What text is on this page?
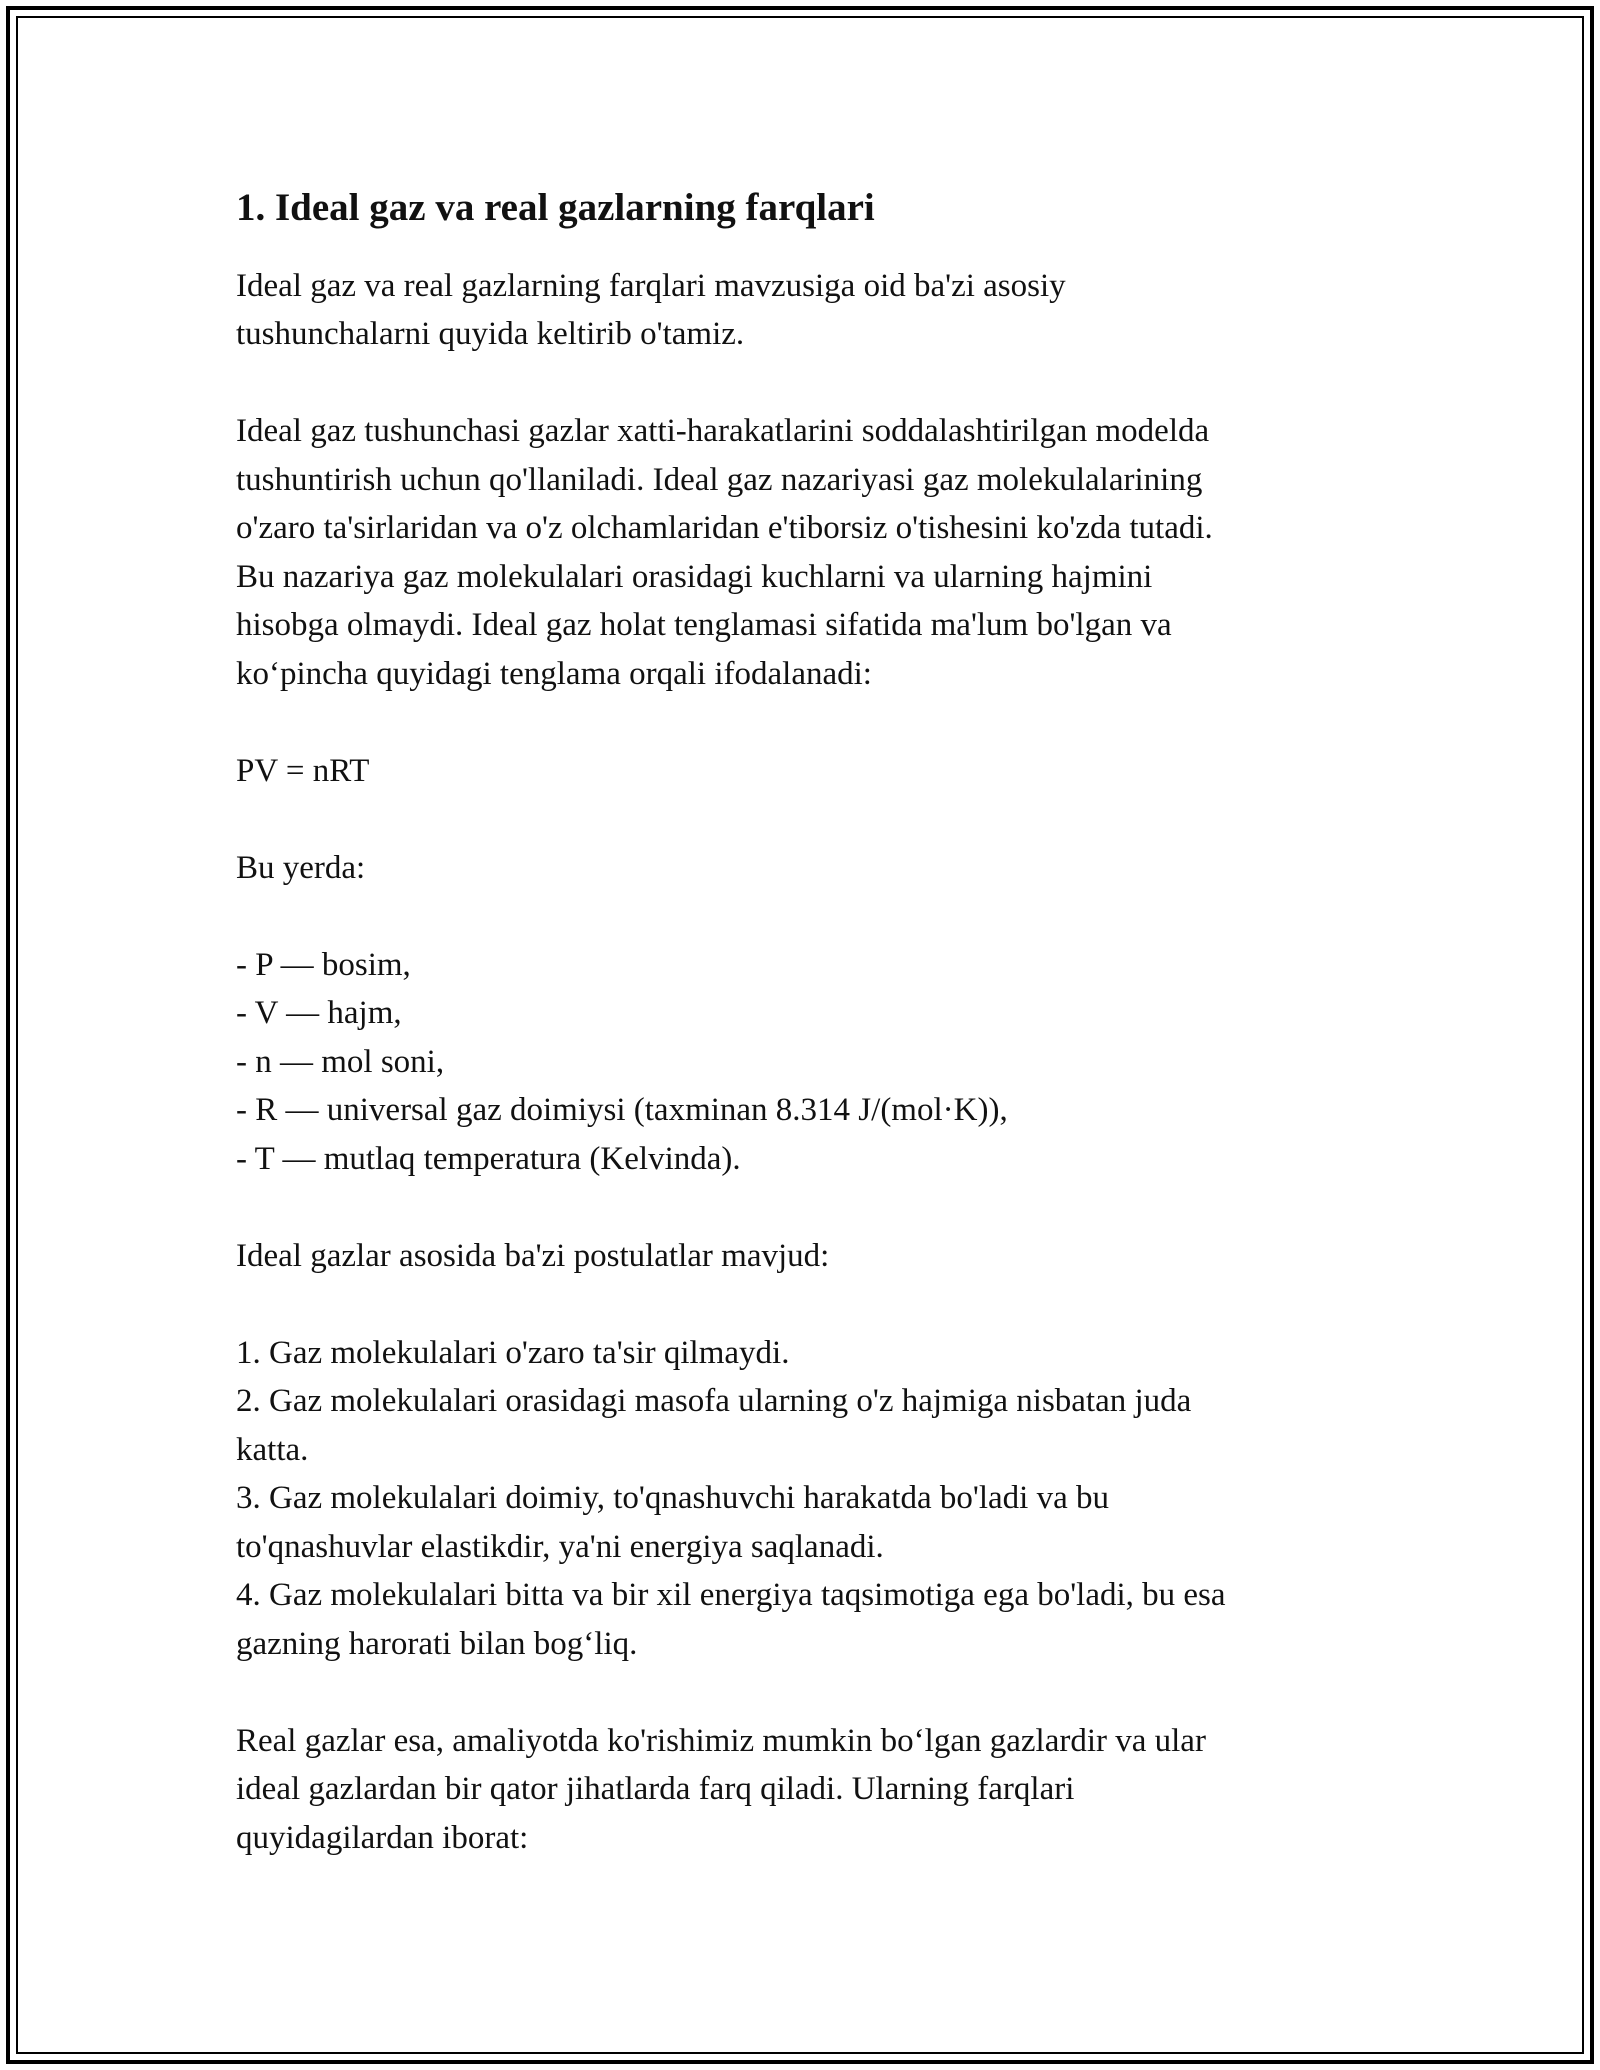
1. Ideal gaz va real gazlarning farqlari

Ideal gaz va real gazlarning farqlari mavzusiga oid ba'zi asosiy
tushunchalarni quyida keltirib o'tamiz.

Ideal gaz tushunchasi gazlar xatti-harakatlarini soddalashtirilgan modelda
tushuntirish uchun qo'llaniladi. Ideal gaz nazariyasi gaz molekulalarining
o'zaro ta'sirlaridan va o'z olchamlaridan e'tiborsiz o'tishesini ko'zda tutadi.
Bu nazariya gaz molekulalari orasidagi kuchlarni va ularning hajmini
hisobga olmaydi. Ideal gaz holat tenglamasi sifatida ma'lum bo'lgan va
ko‘pincha quyidagi tenglama orqali ifodalanadi:

PV = nRT

Bu yerda:

- P — bosim,
- V — hajm,
- n — mol soni,
- R — universal gaz doimiysi (taxminan 8.314 J/(mol·K)),
- T — mutlaq temperatura (Kelvinda).

Ideal gazlar asosida ba'zi postulatlar mavjud:

1. Gaz molekulalari o'zaro ta'sir qilmaydi.
2. Gaz molekulalari orasidagi masofa ularning o'z hajmiga nisbatan juda
katta.
3. Gaz molekulalari doimiy, to'qnashuvchi harakatda bo'ladi va bu
to'qnashuvlar elastikdir, ya'ni energiya saqlanadi.
4. Gaz molekulalari bitta va bir xil energiya taqsimotiga ega bo'ladi, bu esa
gazning harorati bilan bog‘liq.

Real gazlar esa, amaliyotda ko'rishimiz mumkin bo‘lgan gazlardir va ular
ideal gazlardan bir qator jihatlarda farq qiladi. Ularning farqlari
quyidagilardan iborat:
